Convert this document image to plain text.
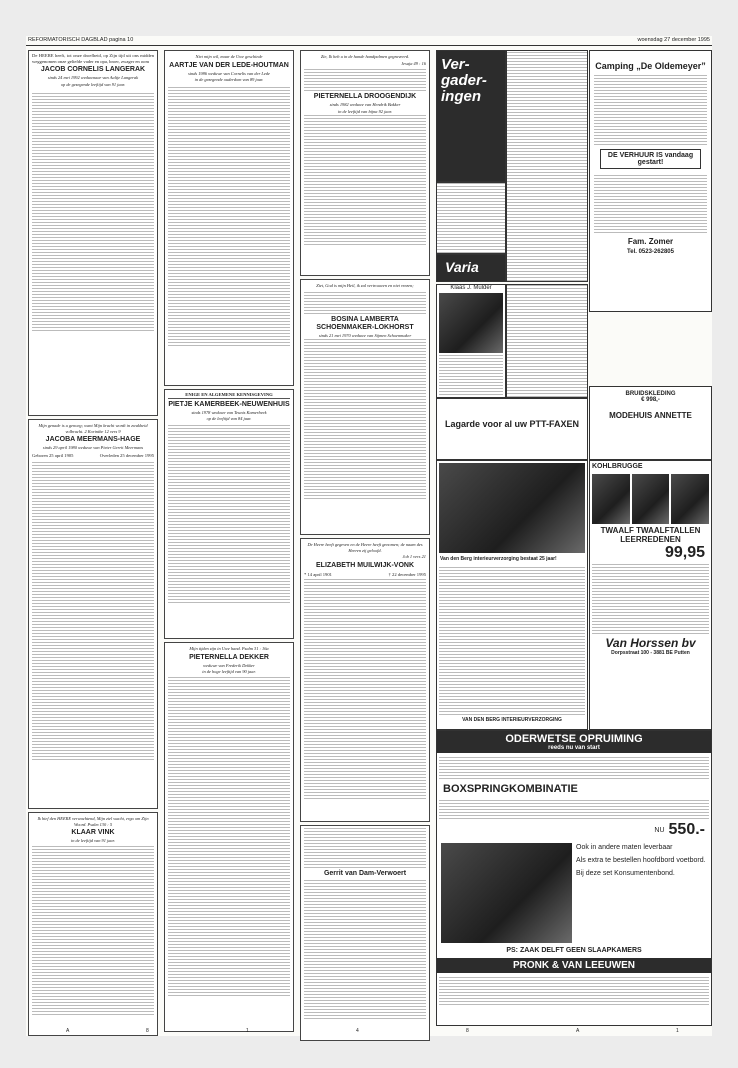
REFORMATORISCH DAGBLAD pagina 10	woensdag 27 december 1995

De HEERE heeft, tot onze droefheid, op Zijn tijd uit ons midden weggenomen onze geliefde vader en opa, broer, zwager en oom

JACOB CORNELIS LANGERAK
sinds 24 mei 1992 weduwnaar van Aaltje Langerak
op de gezegende leeftijd van 91 jaar.
Mijn genade is u genoeg; want Mijn kracht wordt in zwakheid volbracht. 2 Korinthe 12 vers 9
JACOBA MEERMANS-HAGE
sinds 29 april 1980 weduwe van Pieter Gerrit Meermans
Geboren 25 april 1905	Overleden 25 december 1995
Ik hief den HEERE verwachtend, Mijn ziel wacht, ergo om Zijn Woord. Psalm 130 : 5
KLAAR VINK
in de leeftijd van 91 jaar.
Niet mijn wil, maar de Uwe geschiede
AARTJE VAN DER LEDE-HOUTMAN
sinds 1986 weduwe van Cornelis van der Lede
in de gezegende ouderdom van 89 jaar.
ENIGE EN ALGEMENE KENNISGEVING
PIETJE KAMERBEEK-NEUWENHUIS
sinds 1978 weduwe van Teunis Kamerbeek
op de leeftijd van 84 jaar.
Mijn tijden zijn in Uwe hand. Psalm 31 : 16a
PIETERNELLA DEKKER
weduwe van Frederik Dekker
in de hoge leeftijd van 90 jaar.
Zie, Ik heb u in de hande handpalmen gegraveerd.
Jesaja 49 : 16
PIETERNELLA DROOGENDIJK
sinds 1982 weduwe van Hendrik Bakker
in de leeftijd van bijna 92 jaar.
Ziet, God is mijn Heil, ik zal vertrouwen en niet vrezen;
BOSINA LAMBERTA SCHOENMAKER-LOKHORST
sinds 21 mei 1970 weduwe van Sijmen Schoenmaker
De Heere heeft gegeven en de Heere heeft genomen; de naam des Heeren zij geloofd.
Job 1 vers 21
ELIZABETH MUILWIJK-VONK
* 14 april 1901	† 22 december 1995
Gerrit van Dam-Verwoert
Ver-gader-ingen
Varia
Camping „De Oldemeyer”
DE VERHUUR IS vandaag gestart!
Fam. Zomer
Tel. 0523-262805
Klaas J. Mulder
Lagarde voor al uw PTT-FAXEN
BRUIDSKLEDING
€ 998,-
MODEHUIS ANNETTE
Van den Berg interieurverzorging bestaat 25 jaar!
VAN DEN BERG INTERIEURVERZORGING
KOHLBRUGGE
TWAALF TWAALFTALLEN LEERREDENEN
99,95
Van Horssen bv
Dorpsstraat 100 - 3881 BE Putten
ODERWETSE OPRUIMING
reeds nu van start
BOXSPRINGKOMBINATIE
NU 550.-
Ook in andere maten leverbaar
Als extra te bestellen hoofdbord voetbord.
Bij deze set Konsumentenbond.
PS: ZAAK DELFT GEEN SLAAPKAMERS
PRONK & VAN LEEUWEN
A	8	1	4	8	A	1
